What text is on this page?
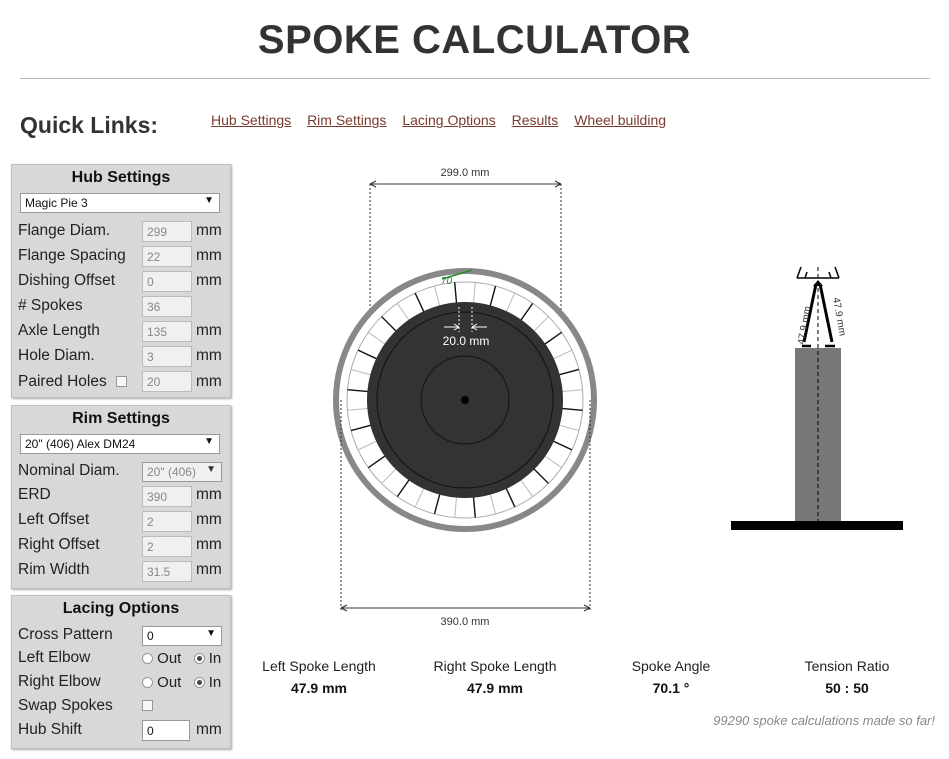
SPOKE CALCULATOR
Quick Links:	Hub Settings Rim Settings Lacing Options Results Wheel building
Hub Settings
Magic Pie 3	▼
Flange Diam.	299	mm
Flange Spacing	22	mm
Dishing Offset	0	mm
# Spokes	36
Axle Length	135	mm
Hole Diam.	3	mm
Paired Holes	20	mm
Rim Settings
20" (406) Alex DM24	▼
Nominal Diam.	20" (406) ▼
ERD	390	mm
Left Offset	2	mm
Right Offset	2	mm
Rim Width	31.5	mm
Lacing Options
Cross Pattern	0	▼
Left Elbow	Out In
Right Elbow	Out In
Swap Spokes
Hub Shift	0	mm
299.0 mm
20.0 mm
70
390.0 mm
47.9 mm 47.9 mm
Left Spoke Length
47.9 mm
Right Spoke Length
47.9 mm
Spoke Angle
70.1 °
Tension Ratio
50 : 50
99290 spoke calculations made so far!
